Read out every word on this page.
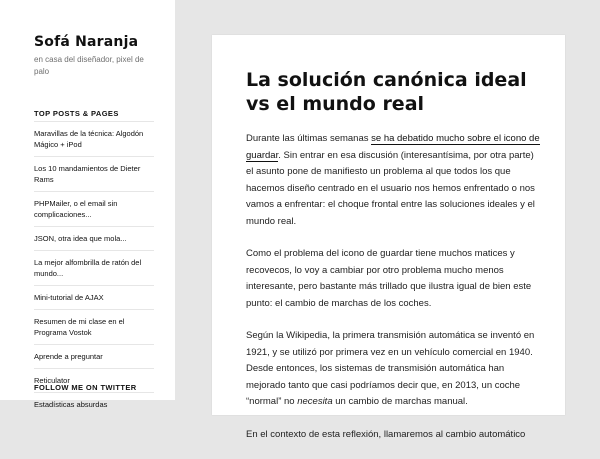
Sofá Naranja
en casa del diseñador, pixel de palo
TOP POSTS & PAGES
Maravillas de la técnica: Algodón Mágico + iPod
Los 10 mandamientos de Dieter Rams
PHPMailer, o el email sin complicaciones...
JSON, otra idea que mola...
La mejor alfombrilla de ratón del mundo...
Mini-tutorial de AJAX
Resumen de mi clase en el Programa Vostok
Aprende a preguntar
Reticulator
Estadísticas absurdas
FOLLOW ME ON TWITTER
La solución canónica ideal vs el mundo real

Durante las últimas semanas se ha debatido mucho sobre el icono de guardar. Sin entrar en esa discusión (interesantísima, por otra parte) el asunto pone de manifiesto un problema al que todos los que hacemos diseño centrado en el usuario nos hemos enfrentado o nos vamos a enfrentar: el choque frontal entre las soluciones ideales y el mundo real.

Como el problema del icono de guardar tiene muchos matices y recovecos, lo voy a cambiar por otro problema mucho menos interesante, pero bastante más trillado que ilustra igual de bien este punto: el cambio de marchas de los coches.

Según la Wikipedia, la primera transmisión automática se inventó en 1921, y se utilizó por primera vez en un vehículo comercial en 1940. Desde entonces, los sistemas de transmisión automática han mejorado tanto que casi podríamos decir que, en 2013, un coche “normal” no necesita un cambio de marchas manual.

En el contexto de esta reflexión, llamaremos al cambio automático
